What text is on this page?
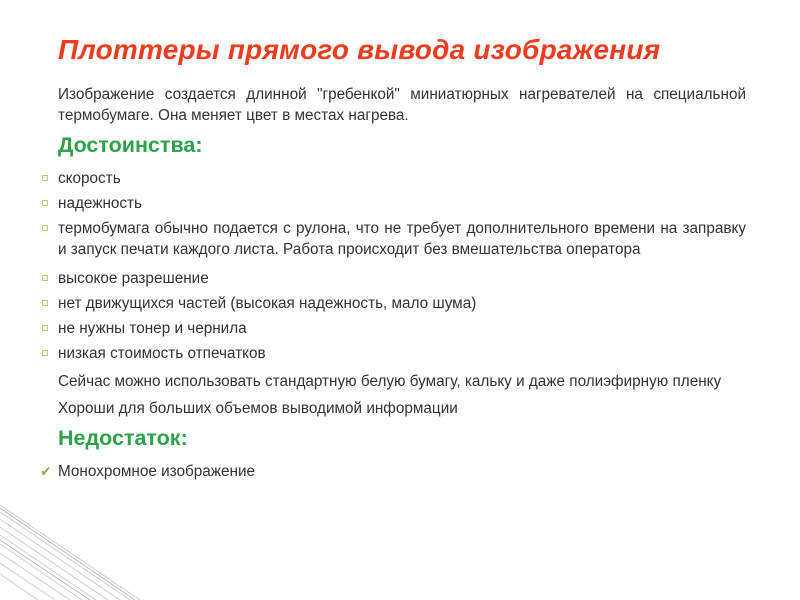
Плоттеры прямого вывода изображения

Изображение создается длинной "гребенкой" миниатюрных нагревателей на специальной термобумаге. Она меняет цвет в местах нагрева.

Достоинства:
скорость
надежность
термобумага обычно подается с рулона, что не требует дополнительного времени на заправку и запуск печати каждого листа. Работа происходит без вмешательства оператора
высокое разрешение
нет движущихся частей (высокая надежность, мало шума)
не нужны тонер и чернила
низкая стоимость отпечатков

Сейчас можно использовать стандартную белую бумагу, кальку и даже полиэфирную пленку

Хороши для больших объемов выводимой информации

Недостаток:
✔ Монохромное изображение
